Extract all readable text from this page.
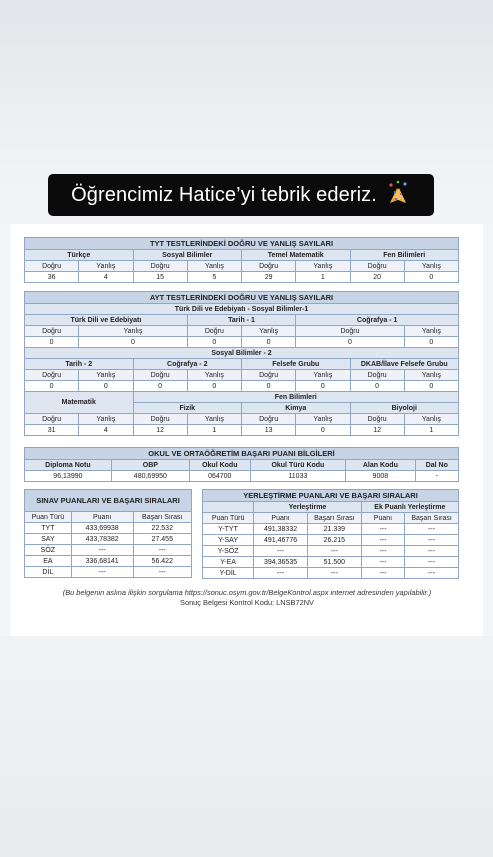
Öğrencimiz Hatice’yi tebrik ederiz.
TYT TESTLERİNDEKİ DOĞRU VE YANLIŞ SAYILARI							
Türkçe		Sosyal Bilimler		Temel Matematik		Fen Bilimleri	
Doğru	Yanlış	Doğru	Yanlış	Doğru	Yanlış	Doğru	Yanlış
36	4	15	5	29	1	20	0
AYT TESTLERİNDEKİ DOĞRU VE YANLIŞ SAYILARI							
Türk Dili ve Edebiyatı - Sosyal Bilimler-1							
Türk Dili ve Edebiyatı			Tarih - 1		Coğrafya - 1		
Doğru	Yanlış		Doğru	Yanlış	Doğru		Yanlış
0	0		0	0	0		0
Sosyal Bilimler - 2							
Tarih - 2		Coğrafya - 2		Felsefe Grubu		DKAB/İlave Felsefe Grubu	
Doğru	Yanlış	Doğru	Yanlış	Doğru	Yanlış	Doğru	Yanlış
0	0	0	0	0	0	0	0
Matematik		Fen Bilimleri					
		Fizik		Kimya		Biyoloji	
Doğru	Yanlış	Doğru	Yanlış	Doğru	Yanlış	Doğru	Yanlış
31	4	12	1	13	0	12	1
OKUL VE ORTAÖĞRETİM BAŞARI PUANI BİLGİLERİ					
Diploma Notu	OBP	Okul Kodu	Okul Türü Kodu	Alan Kodu	Dal No
96,13990	480,69950	064700	11033	9008	-
SINAV PUANLARI VE BAŞARI SIRALARI		
Puan Türü	Puanı	Başarı Sırası
TYT	433,69938	22.532
SAY	433,78382	27.455
SÖZ	---	---
EA	336,68141	56.422
DİL	---	---
YERLEŞTİRME PUANLARI VE BAŞARI SIRALARI				
	Yerleştirme		Ek Puanlı Yerleştirme	
Puan Türü	Puanı	Başarı Sırası	Puanı	Başarı Sırası
Y-TYT	491,38332	21.339	---	---
Y-SAY	491,46776	26.215	---	---
Y-SÖZ	---	---	---	---
Y-EA	394,36535	51.500	---	---
Y-DİL	---	---	---	---
(Bu belgenin aslına ilişkin sorgulama https://sonuc.osym.gov.tr/BelgeKontrol.aspx internet adresinden yapılabilir.)
Sonuç Belgesi Kontrol Kodu: LNSB72NV
